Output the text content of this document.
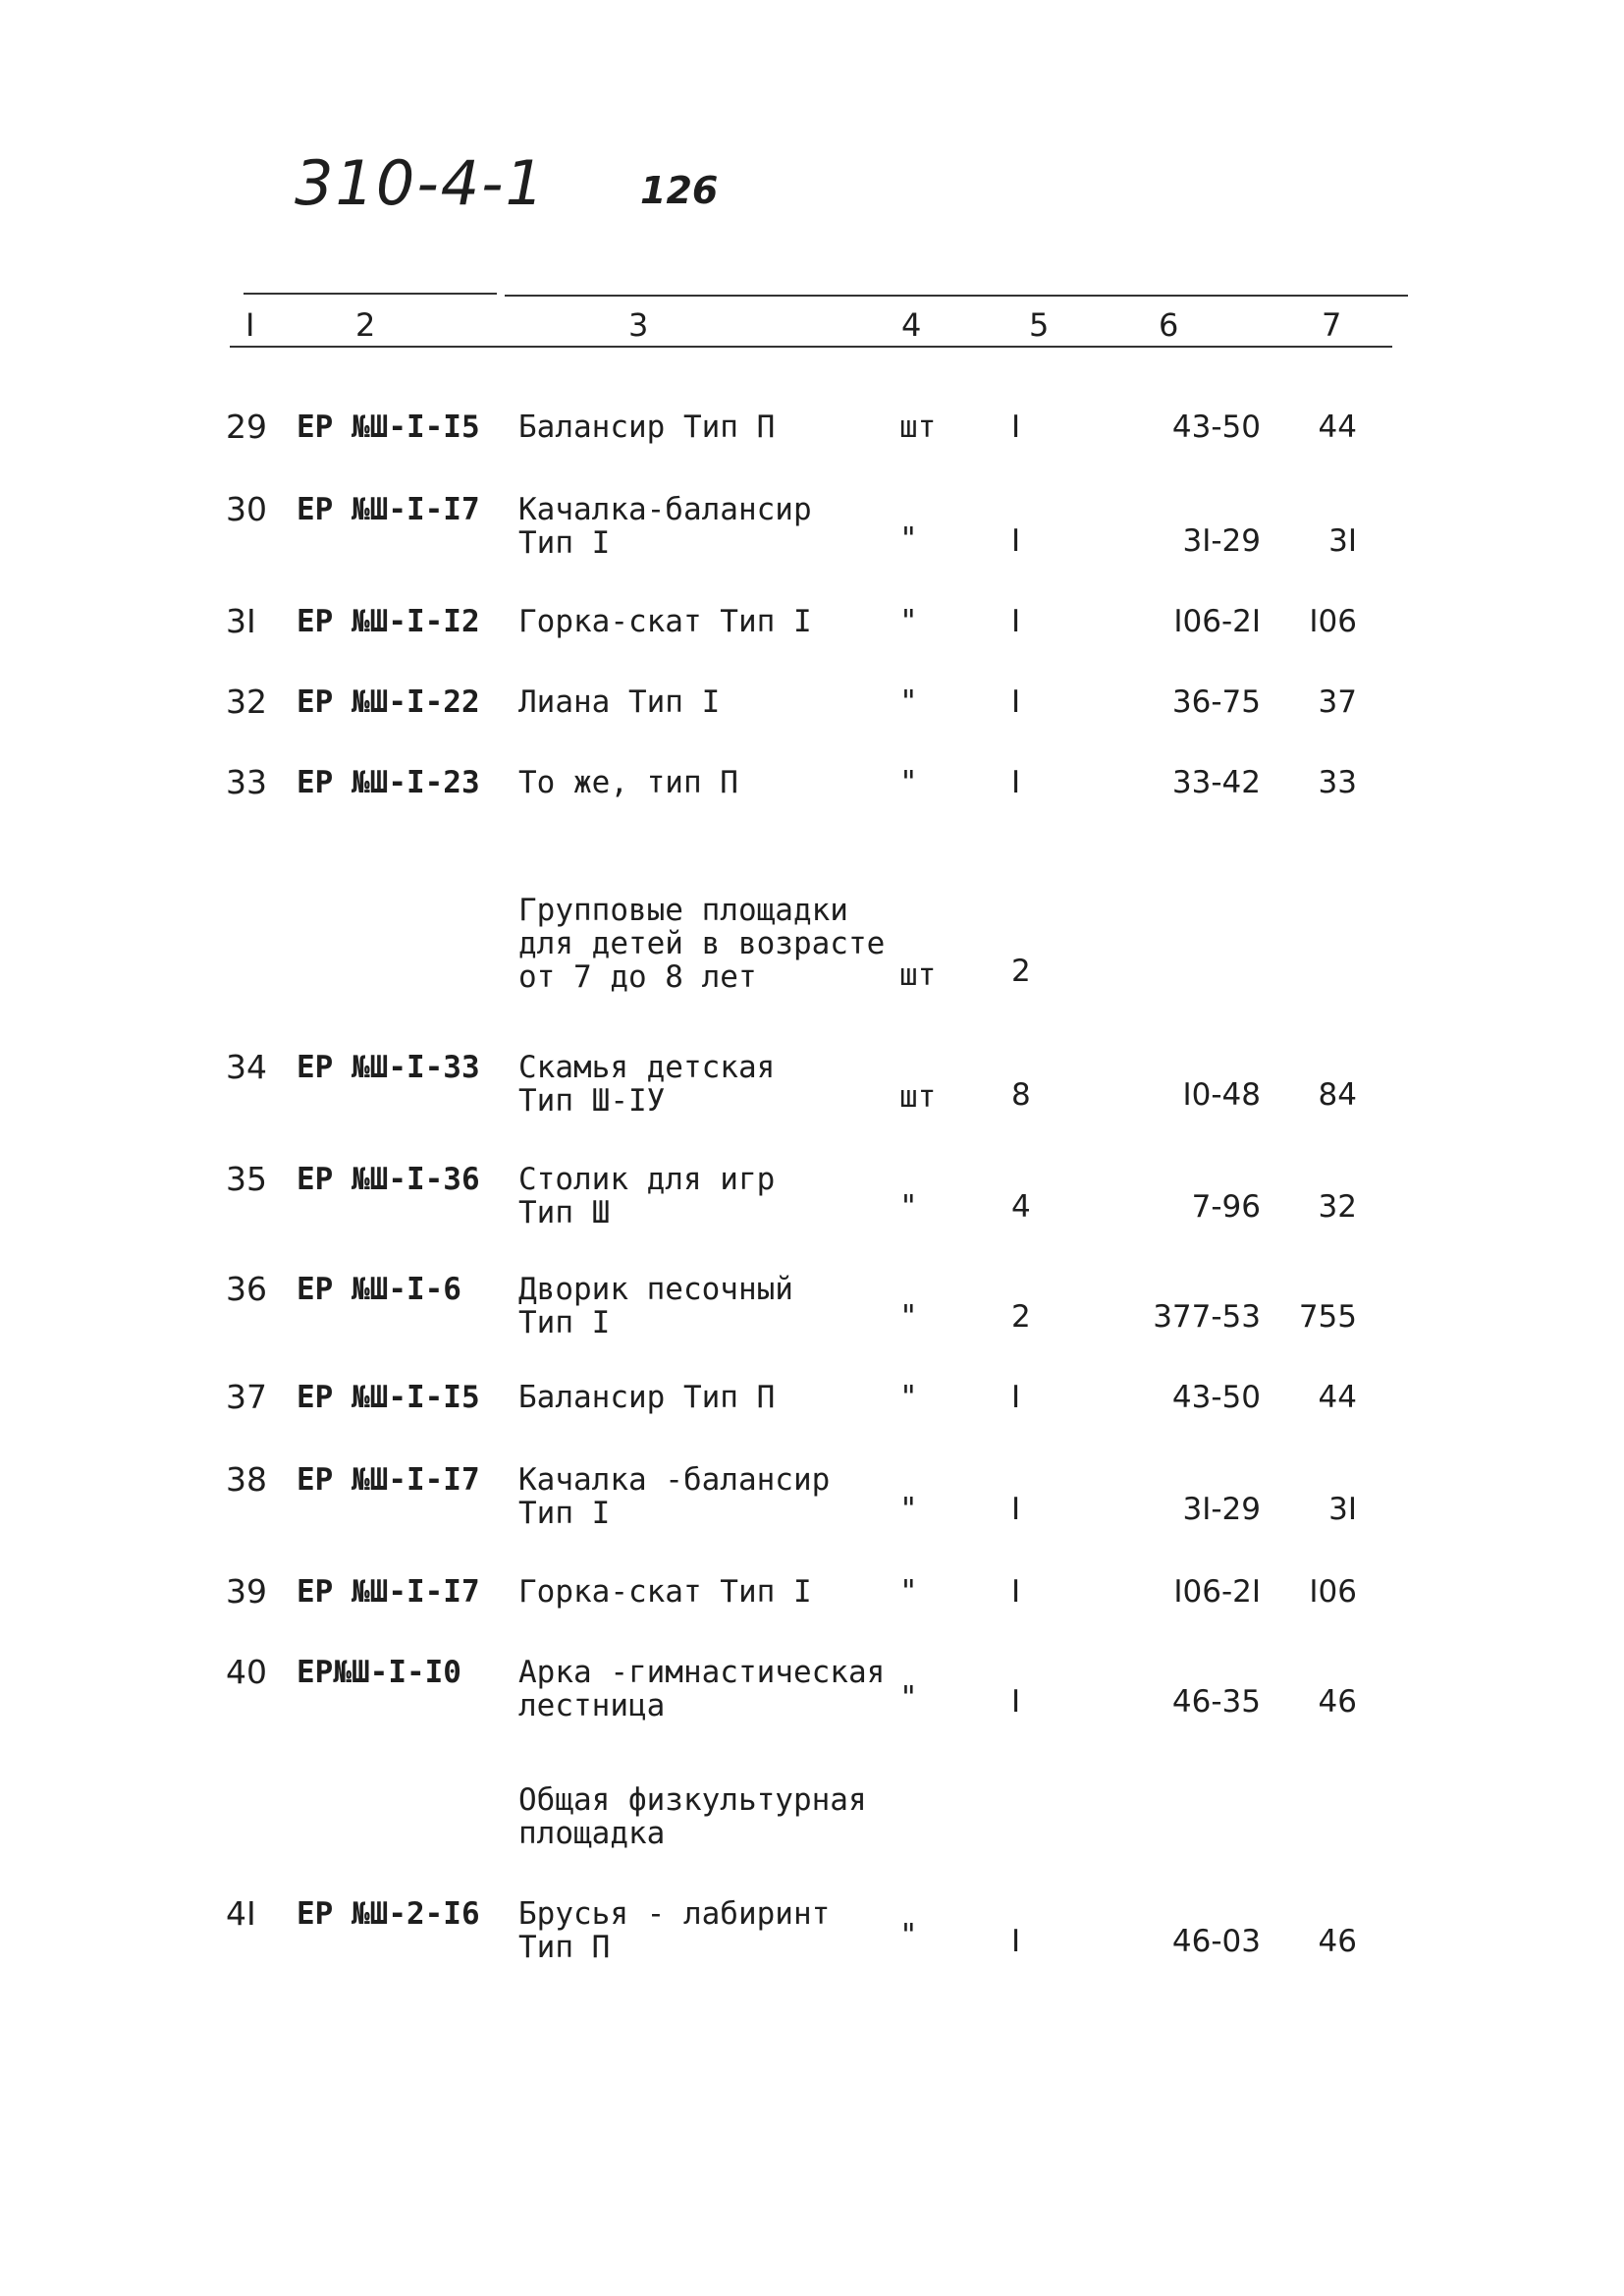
310-4-1	126
I	2	3	4	5	6	7
29 ЕР №Ш-I-I5	Балансир Тип П	шт	I	43-50	44
30 ЕР №Ш-I-I7	Качалка-балансир
Тип I	"	I	3I-29	3I
3I	ЕР №Ш-I-I2	Горка-скат Тип I	"	I	I06-2I	I06
32 ЕР №Ш-I-22	Лиана Тип I	"	I	36-75	37
33 ЕР №Ш-I-23	То же, тип П	"	I	33-42	33
Групповые площадки
для детей в возрасте
от 7 до 8 лет	шт	2
34 ЕР №Ш-I-33	Скамья детская
Тип Ш-IУ	шт	8	I0-48	84
35 ЕР №Ш-I-36	Столик для игр
Тип Ш	"	4	7-96	32
36 ЕР №Ш-I-6	Дворик песочный
Тип I	"	2	377-53	755
37 ЕР №Ш-I-I5	Балансир Тип П	"	I	43-50	44
38 ЕР №Ш-I-I7	Качалка -балансир
Тип I	"	I	3I-29	3I
39 ЕР №Ш-I-I7	Горка-скат Тип I	"	I	I06-2I	I06
40 ЕР№Ш-I-I0	Арка -гимнастическая
лестница	"	I	46-35	46
Общая физкультурная
площадка
4I	ЕР №Ш-2-I6	Брусья - лабиринт
Тип П	"	I	46-03	46
